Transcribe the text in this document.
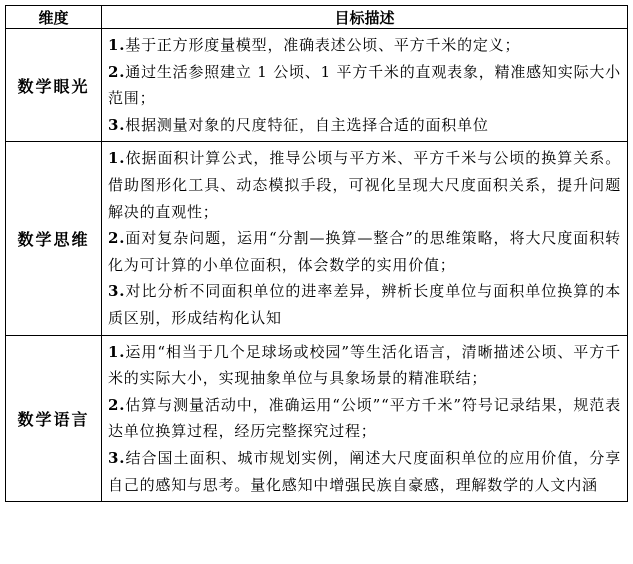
维度	目标描述
数学眼光	1.基于正方形度量模型，准确表述公顷、平方千米的定义；

2.通过生活参照建立 1 公顷、1 平方千米的直观表象，精准感知实际大小范围；

3.根据测量对象的尺度特征，自主选择合适的面积单位

数学思维	1.依据面积计算公式，推导公顷与平方米、平方千米与公顷的换算关系。借助图形化工具、动态模拟手段，可视化呈现大尺度面积关系，提升问题解决的直观性；

2.面对复杂问题，运用“分割—换算—整合”的思维策略，将大尺度面积转化为可计算的小单位面积，体会数学的实用价值；

3.对比分析不同面积单位的进率差异，辨析长度单位与面积单位换算的本质区别，形成结构化认知

数学语言	1.运用“相当于几个足球场或校园”等生活化语言，清晰描述公顷、平方千米的实际大小，实现抽象单位与具象场景的精准联结；

2.估算与测量活动中，准确运用“公顷”“平方千米”符号记录结果，规范表达单位换算过程，经历完整探究过程；

3.结合国土面积、城市规划实例，阐述大尺度面积单位的应用价值，分享自己的感知与思考。量化感知中增强民族自豪感，理解数学的人文内涵
